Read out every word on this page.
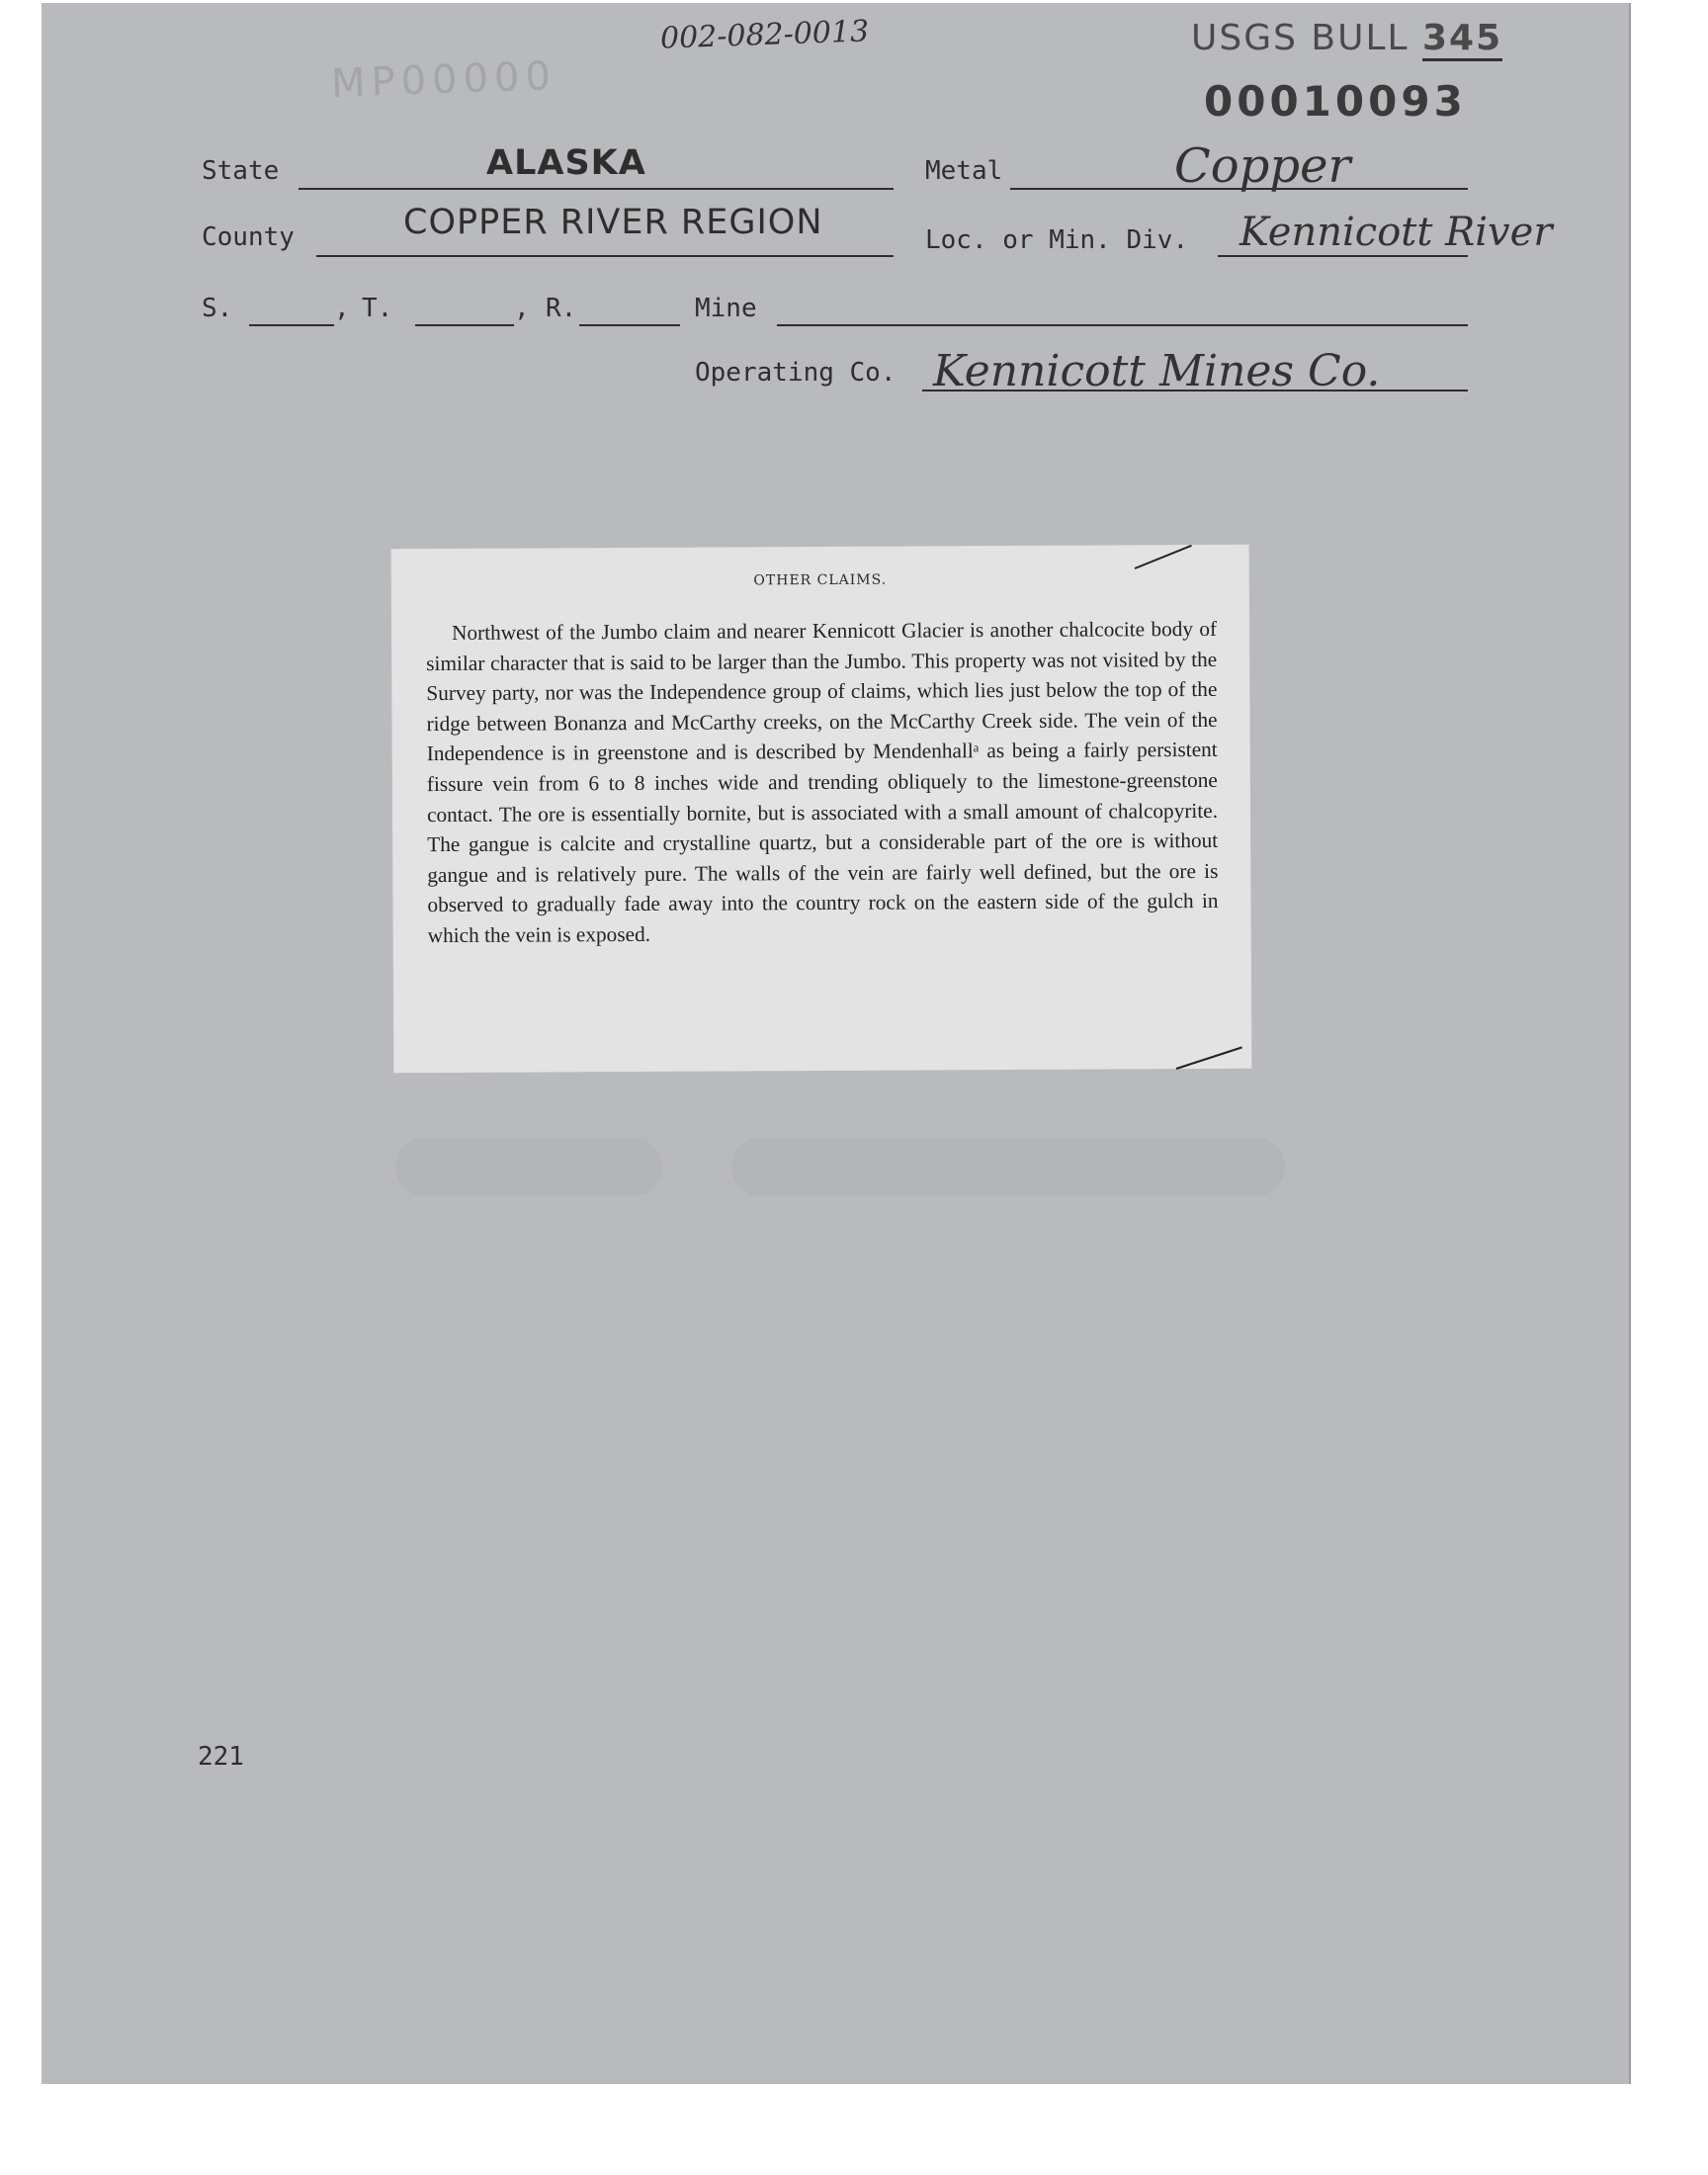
002-082-0013	USGS BULL 345
00010093
MP00000
State	ALASKA	Metal	Copper
County	COPPER RIVER REGION	Loc. or Min. Div. Kennicott River
S.	, T.	, R.	Mine
Operating Co. Kennicott Mines Co.
OTHER CLAIMS.

Northwest of the Jumbo claim and nearer Kennicott Glacier is another chalcocite body of similar character that is said to be larger than the Jumbo. This property was not visited by the Survey party, nor was the Independence group of claims, which lies just below the top of the ridge between Bonanza and McCarthy creeks, on the McCarthy Creek side. The vein of the Independence is in greenstone and is described by Mendenhallᵃ as being a fairly persistent fissure vein from 6 to 8 inches wide and trending obliquely to the limestone-greenstone contact. The ore is essentially bornite, but is associated with a small amount of chalcopyrite. The gangue is calcite and crystalline quartz, but a considerable part of the ore is without gangue and is relatively pure. The walls of the vein are fairly well defined, but the ore is observed to gradually fade away into the country rock on the eastern side of the gulch in which the vein is exposed.

221
